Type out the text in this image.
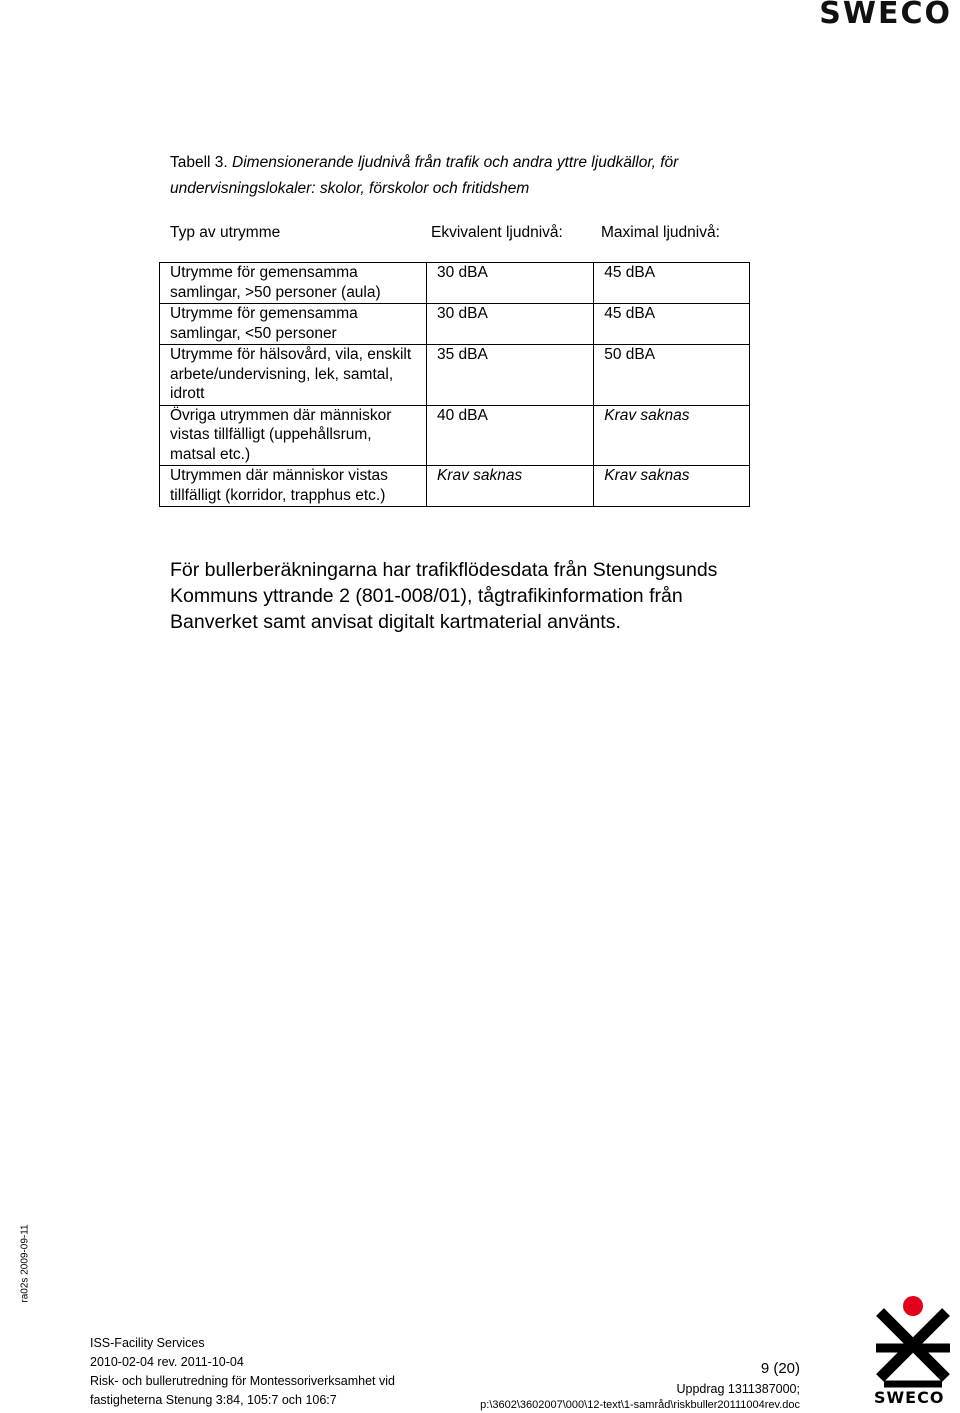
SWECO
Tabell 3. Dimensionerande ljudnivå från trafik och andra yttre ljudkällor, för undervisningslokaler: skolor, förskolor och fritidshem
Typ av utrymme	Ekvivalent ljudnivå: Maximal ljudnivå:
Utrymme för gemensamma samlingar, >50 personer (aula)	30 dBA	45 dBA
Utrymme för gemensamma samlingar, <50 personer	30 dBA	45 dBA
Utrymme för hälsovård, vila, enskilt arbete/undervisning, lek, samtal, idrott	35 dBA	50 dBA
Övriga utrymmen där människor vistas tillfälligt (uppehållsrum, matsal etc.)	40 dBA	Krav saknas
Utrymmen där människor vistas tillfälligt (korridor, trapphus etc.)	Krav saknas	Krav saknas
För bullerberäkningarna har trafikflödesdata från Stenungsunds Kommuns yttrande 2 (801-008/01), tågtrafikinformation från Banverket samt anvisat digitalt kartmaterial använts.
ra02s 2009-09-11
ISS-Facility Services
2010-02-04 rev. 2011-10-04
Risk- och bullerutredning för Montessoriverksamhet vid
fastigheterna Stenung 3:84, 105:7 och 106:7
9 (20)
Uppdrag 1311387000;
p:\3602\3602007\000\12-text\1-samråd\riskbuller20111004rev.doc	SWECO
